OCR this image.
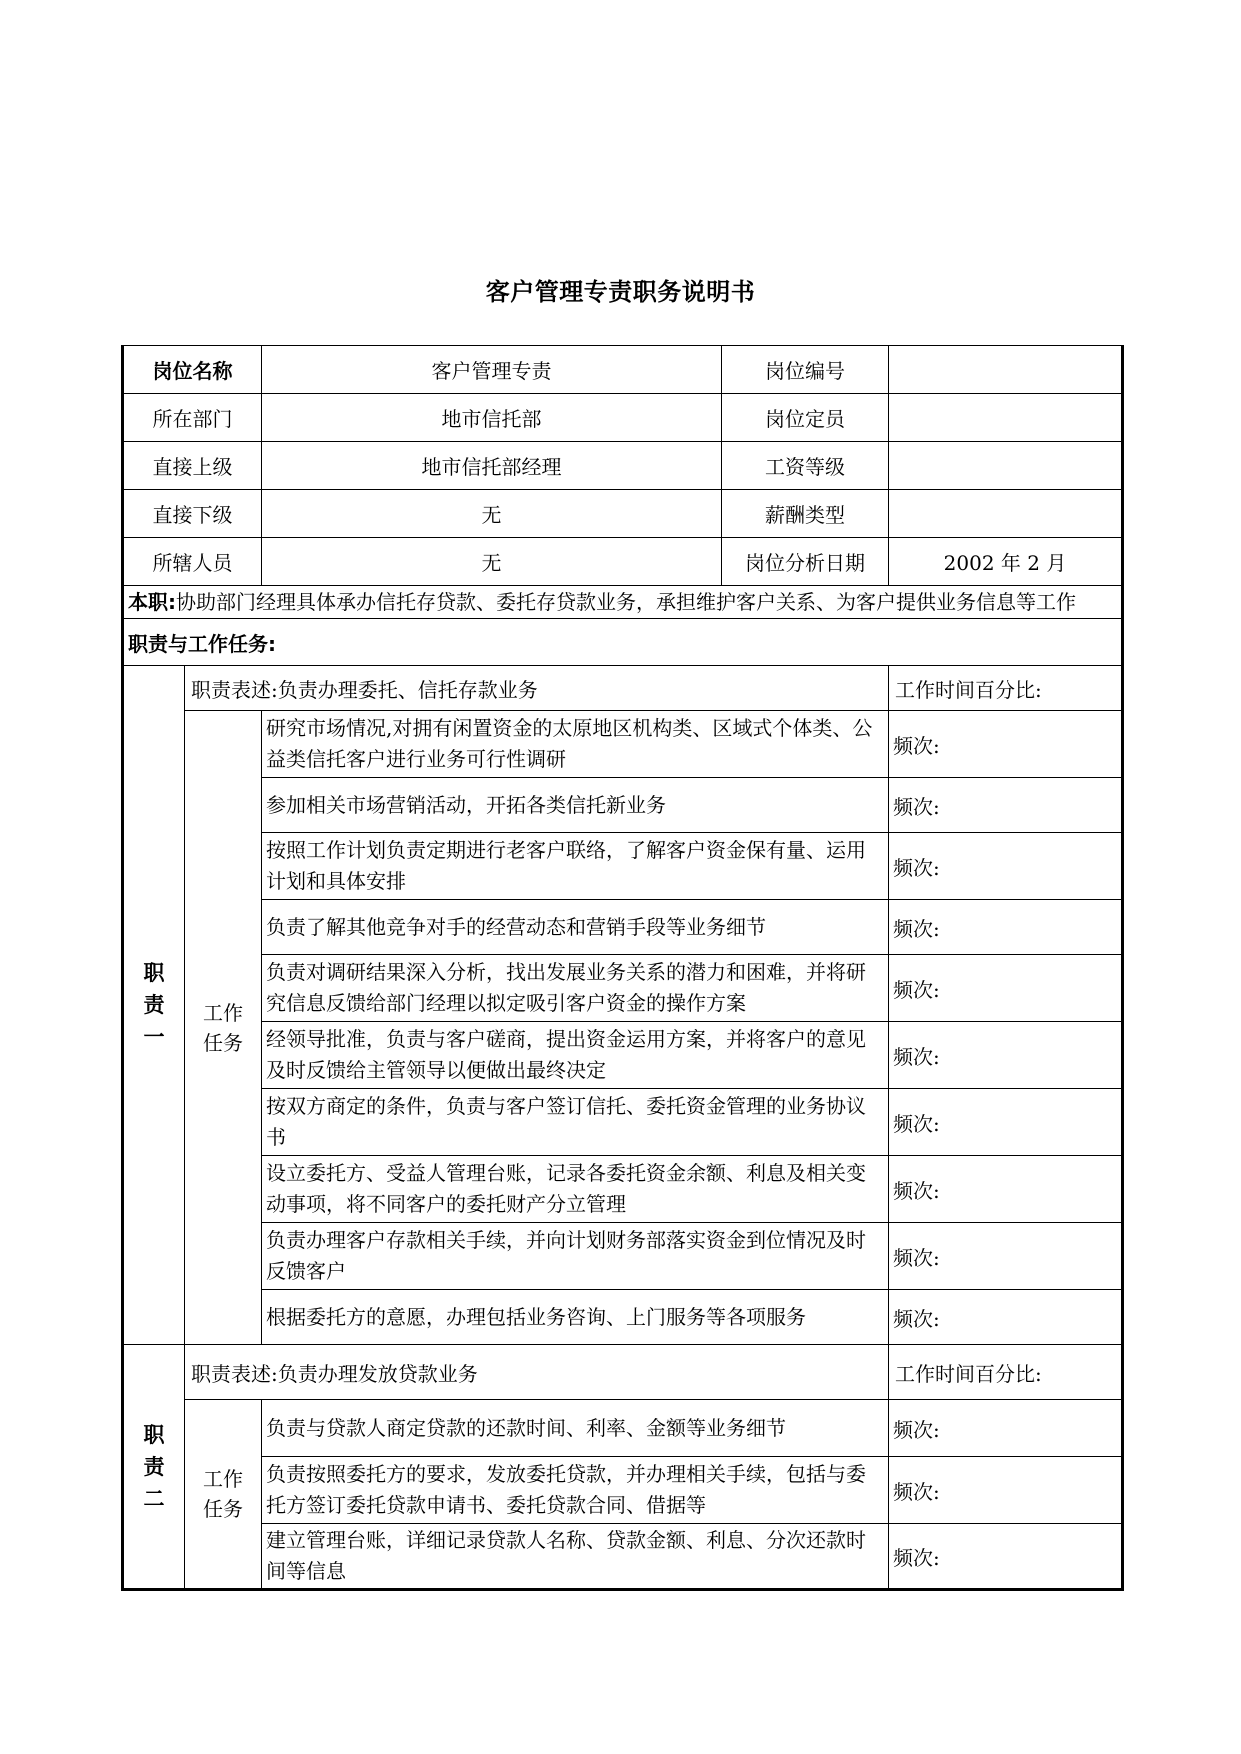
客户管理专责职务说明书
岗位名称		客户管理专责	岗位编号	
所在部门		地市信托部	岗位定员	
直接上级		地市信托部经理	工资等级	
直接下级		无	薪酬类型	
所辖人员		无	岗位分析日期	2002 年 2 月
本职:协助部门经理具体承办信托存贷款、委托存贷款业务，承担维护客户关系、为客户提供业务信息等工作				
职责与工作任务:				

职责一	职责表述:负责办理委托、信托存款业务			工作时间百分比:

	工作任务	研究市场情况,对拥有闲置资金的太原地区机构类、区域式个体类、公益类信托客户进行业务可行性调研		频次:
		参加相关市场营销活动，开拓各类信托新业务		频次:
		按照工作计划负责定期进行老客户联络，了解客户资金保有量、运用计划和具体安排		频次:
		负责了解其他竞争对手的经营动态和营销手段等业务细节		频次:
		负责对调研结果深入分析，找出发展业务关系的潜力和困难，并将研究信息反馈给部门经理以拟定吸引客户资金的操作方案		频次:
		经领导批准，负责与客户磋商，提出资金运用方案，并将客户的意见及时反馈给主管领导以便做出最终决定		频次:
		按双方商定的条件，负责与客户签订信托、委托资金管理的业务协议书		频次:
		设立委托方、受益人管理台账，记录各委托资金余额、利息及相关变动事项，将不同客户的委托财产分立管理		频次:
		负责办理客户存款相关手续，并向计划财务部落实资金到位情况及时反馈客户		频次:
		根据委托方的意愿，办理包括业务咨询、上门服务等各项服务		频次:

职责二	职责表述:负责办理发放贷款业务			工作时间百分比:

	工作任务	负责与贷款人商定贷款的还款时间、利率、金额等业务细节		频次:
		负责按照委托方的要求，发放委托贷款，并办理相关手续，包括与委托方签订委托贷款申请书、委托贷款合同、借据等		频次:
		建立管理台账，详细记录贷款人名称、贷款金额、利息、分次还款时间等信息		频次:
